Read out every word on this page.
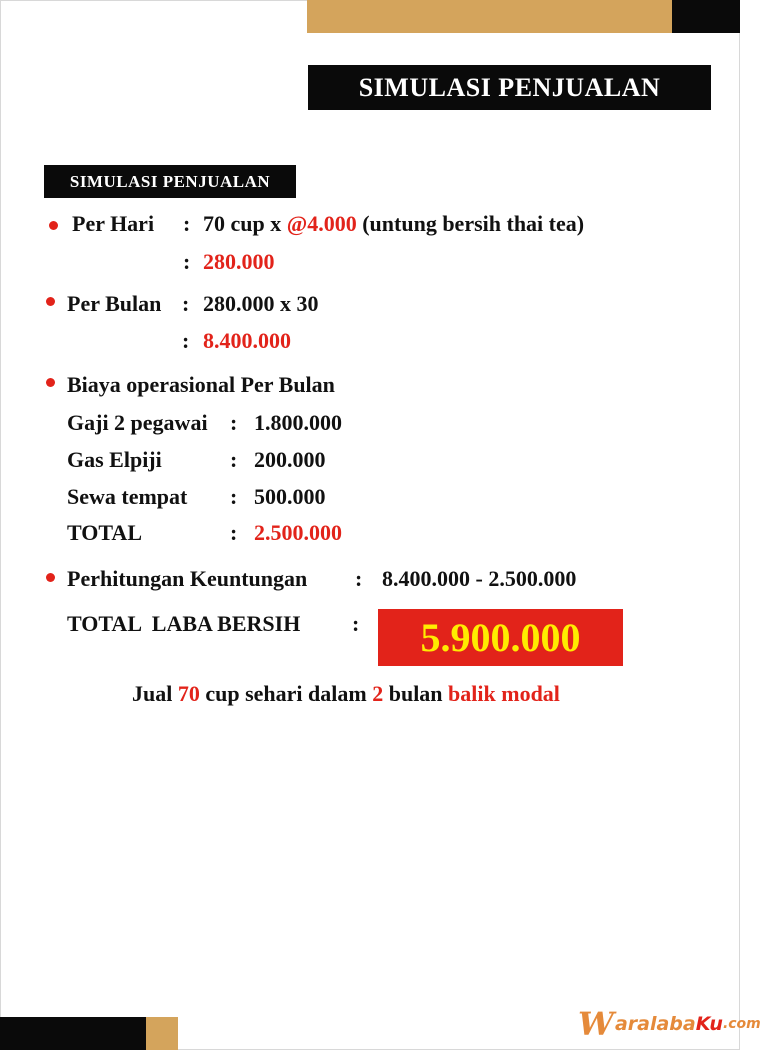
SIMULASI PENJUALAN
SIMULASI PENJUALAN
Per Hari : 70 cup x @4.000 (untung bersih thai tea)
: 280.000
Per Bulan : 280.000 x 30
: 8.400.000
Biaya operasional Per Bulan
Gaji 2 pegawai : 1.800.000
Gas Elpiji	: 200.000
Sewa tempat : 500.000
TOTAL	: 2.500.000
Perhitungan Keuntungan : 8.400.000 - 2.500.000
TOTAL  LABA BERSIH :	5.900.000
Jual 70 cup sehari dalam 2 bulan balik modal
W aralaba Ku .com
